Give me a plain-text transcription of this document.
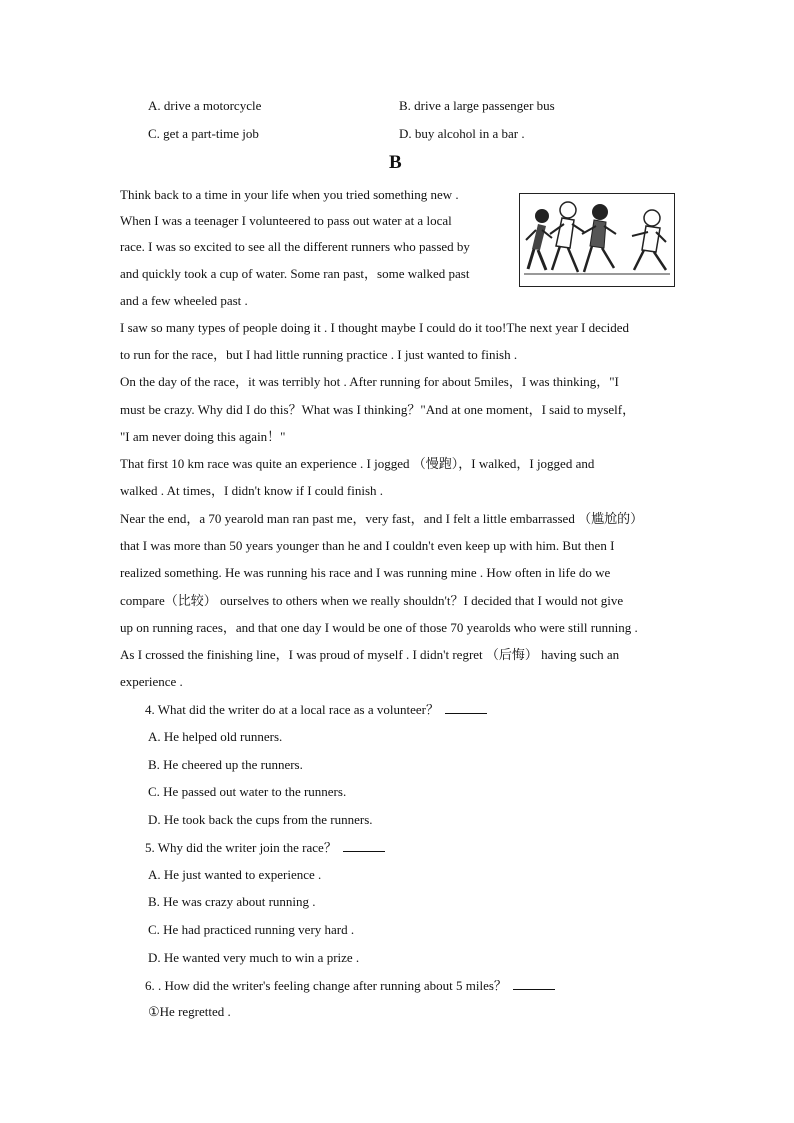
A. drive a motorcycle	B. drive a large passenger bus
C. get a part-time job	D. buy alcohol in a bar .
B
Think back to a time in your life when you tried something new .
When I was a teenager I volunteered to pass out water at a local
race. I was so excited to see all the different runners who passed by
and quickly took a cup of water. Some ran past，some walked past
and a few wheeled past .
I saw so many types of people doing it . I thought maybe I could do it too!The next year I decided
to run for the race，but I had little running practice . I just wanted to finish .
On the day of the race，it was terribly hot . After running for about 5miles，I was thinking，"I
must be crazy. Why did I do this？What was I thinking？"And at one moment，I said to myself，
"I am never doing this again！"
That first 10 km race was quite an experience . I jogged （慢跑），I walked，I jogged and
walked . At times，I didn't know if I could finish .
Near the end，a 70 yearold man ran past me，very fast，and I felt a little embarrassed （尴尬的）
that I was more than 50 years younger than he and I couldn't even keep up with him. But then I
realized something. He was running his race and I was running mine . How often in life do we
compare（比较） ourselves to others when we really shouldn't？I decided that I would not give
up on running races，and that one day I would be one of those 70 yearolds who were still running .
As I crossed the finishing line，I was proud of myself . I didn't regret （后悔） having such an
experience .
4. What did the writer do at a local race as a volunteer？
A. He helped old runners.
B. He cheered up the runners.
C. He passed out water to the runners.
D. He took back the cups from the runners.
5. Why did the writer join the race？
A. He just wanted to experience .
B. He was crazy about running .
C. He had practiced running very hard .
D. He wanted very much to win a prize .
6. . How did the writer's feeling change after running about 5 miles？
①He regretted .
